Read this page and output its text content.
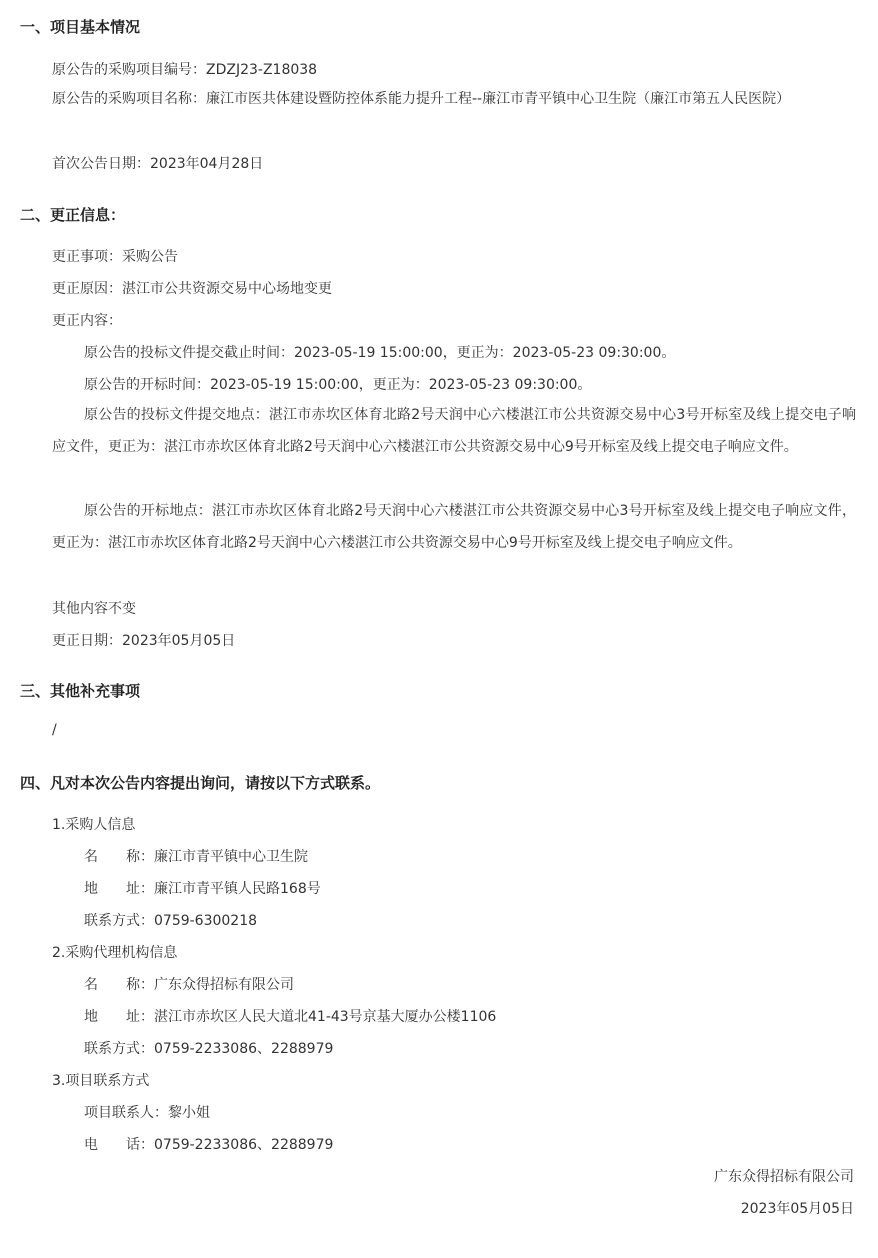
一、项目基本情况
原公告的采购项目编号：ZDZJ23-Z18038
原公告的采购项目名称：廉江市医共体建设暨防控体系能力提升工程--廉江市青平镇中心卫生院（廉江市第五人民医院）
首次公告日期：2023年04月28日
二、更正信息：
更正事项：采购公告
更正原因：湛江市公共资源交易中心场地变更
更正内容：
原公告的投标文件提交截止时间：2023-05-19 15:00:00，更正为：2023-05-23 09:30:00。
原公告的开标时间：2023-05-19 15:00:00，更正为：2023-05-23 09:30:00。
原公告的投标文件提交地点：湛江市赤坎区体育北路2号天润中心六楼湛江市公共资源交易中心3号开标室及线上提交电子响应文件，更正为：湛江市赤坎区体育北路2号天润中心六楼湛江市公共资源交易中心9号开标室及线上提交电子响应文件。
原公告的开标地点：湛江市赤坎区体育北路2号天润中心六楼湛江市公共资源交易中心3号开标室及线上提交电子响应文件，更正为：湛江市赤坎区体育北路2号天润中心六楼湛江市公共资源交易中心9号开标室及线上提交电子响应文件。
其他内容不变
更正日期：2023年05月05日
三、其他补充事项
/
四、凡对本次公告内容提出询问，请按以下方式联系。
1.采购人信息
名　　称：廉江市青平镇中心卫生院
地　　址：廉江市青平镇人民路168号
联系方式：0759-6300218
2.采购代理机构信息
名　　称：广东众得招标有限公司
地　　址：湛江市赤坎区人民大道北41-43号京基大厦办公楼1106
联系方式：0759-2233086、2288979
3.项目联系方式
项目联系人：黎小姐
电　　话：0759-2233086、2288979
广东众得招标有限公司
2023年05月05日
